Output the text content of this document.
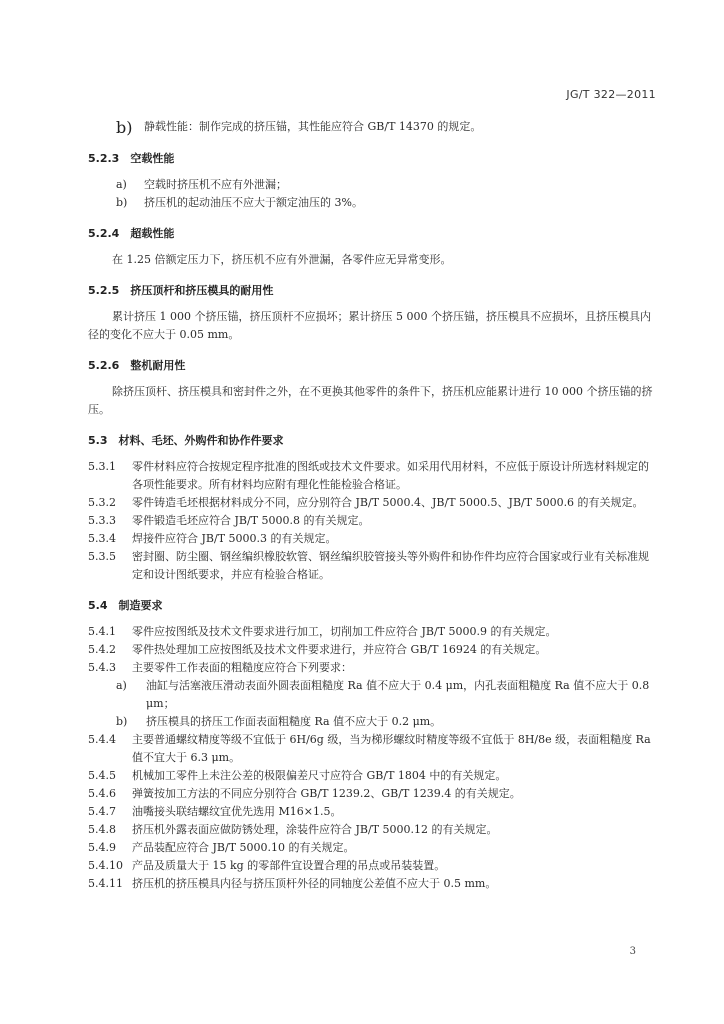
JG/T 322—2011
b)	静载性能：制作完成的挤压锚，其性能应符合 GB/T 14370 的规定。

5.2.3　空载性能

a)	空载时挤压机不应有外泄漏；
b)	挤压机的起动油压不应大于额定油压的 3%。

5.2.4　超载性能

在 1.25 倍额定压力下，挤压机不应有外泄漏，各零件应无异常变形。

5.2.5　挤压顶杆和挤压模具的耐用性

累计挤压 1 000 个挤压锚，挤压顶杆不应损坏；累计挤压 5 000 个挤压锚，挤压模具不应损坏，且挤压模具内径的变化不应大于 0.05 mm。

5.2.6　整机耐用性

除挤压顶杆、挤压模具和密封件之外，在不更换其他零件的条件下，挤压机应能累计进行 10 000 个挤压锚的挤压。

5.3　材料、毛坯、外购件和协作件要求

5.3.1	零件材料应符合按规定程序批准的图纸或技术文件要求。如采用代用材料，不应低于原设计所选材料规定的各项性能要求。所有材料均应附有理化性能检验合格证。
5.3.2	零件铸造毛坯根据材料成分不同，应分别符合 JB/T 5000.4、JB/T 5000.5、JB/T 5000.6 的有关规定。
5.3.3	零件锻造毛坯应符合 JB/T 5000.8 的有关规定。
5.3.4	焊接件应符合 JB/T 5000.3 的有关规定。
5.3.5	密封圈、防尘圈、钢丝编织橡胶软管、钢丝编织胶管接头等外购件和协作件均应符合国家或行业有关标准规定和设计图纸要求，并应有检验合格证。

5.4　制造要求

5.4.1	零件应按图纸及技术文件要求进行加工，切削加工件应符合 JB/T 5000.9 的有关规定。
5.4.2	零件热处理加工应按图纸及技术文件要求进行，并应符合 GB/T 16924 的有关规定。
5.4.3	主要零件工作表面的粗糙度应符合下列要求：
a)	油缸与活塞液压滑动表面外圆表面粗糙度 Ra 值不应大于 0.4 μm，内孔表面粗糙度 Ra 值不应大于 0.8 μm；
b)	挤压模具的挤压工作面表面粗糙度 Ra 值不应大于 0.2 μm。
5.4.4	主要普通螺纹精度等级不宜低于 6H/6g 级，当为梯形螺纹时精度等级不宜低于 8H/8e 级，表面粗糙度 Ra 值不宜大于 6.3 μm。
5.4.5	机械加工零件上未注公差的极限偏差尺寸应符合 GB/T 1804 中的有关规定。
5.4.6	弹簧按加工方法的不同应分别符合 GB/T 1239.2、GB/T 1239.4 的有关规定。
5.4.7	油嘴接头联结螺纹宜优先选用 M16×1.5。
5.4.8	挤压机外露表面应做防锈处理，涂装件应符合 JB/T 5000.12 的有关规定。
5.4.9	产品装配应符合 JB/T 5000.10 的有关规定。
5.4.10 产品及质量大于 15 kg 的零部件宜设置合理的吊点或吊装装置。
5.4.11 挤压机的挤压模具内径与挤压顶杆外径的同轴度公差值不应大于 0.5 mm。
3
